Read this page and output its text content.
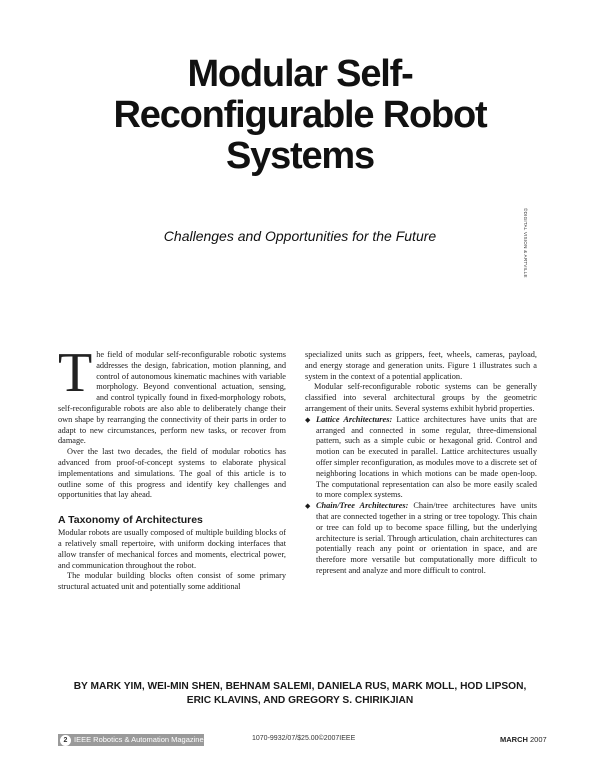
Modular Self-
Reconfigurable Robot
Systems
Challenges and Opportunities for the Future	©DIGITAL VISION & ARTVILLE

The field of modular self-reconfigurable robotic systems addresses the design, fabrication, motion planning, and control of autonomous kinematic machines with variable morphology. Beyond conventional actuation, sensing, and control typically found in fixed-morphology robots, self-reconfigurable robots are also able to deliberately change their own shape by rearranging the connectivity of their parts in order to adapt to new circumstances, perform new tasks, or recover from damage.

Over the last two decades, the field of modular robotics has advanced from proof-of-concept systems to elaborate physical implementations and simulations. The goal of this article is to outline some of this progress and identify key challenges and opportunities that lay ahead.

A Taxonomy of Architectures

Modular robots are usually composed of multiple building blocks of a relatively small repertoire, with uniform docking interfaces that allow transfer of mechanical forces and moments, electrical power, and communication throughout the robot.

The modular building blocks often consist of some primary structural actuated unit and potentially some additional

specialized units such as grippers, feet, wheels, cameras, payload, and energy storage and generation units. Figure 1 illustrates such a system in the context of a potential application.

Modular self-reconfigurable robotic systems can be generally classified into several architectural groups by the geometric arrangement of their units. Several systems exhibit hybrid properties.

◆ Lattice Architectures: Lattice architectures have units that are arranged and connected in some regular, three-dimensional pattern, such as a simple cubic or hexagonal grid. Control and motion can be executed in parallel. Lattice architectures usually offer simpler reconfiguration, as modules move to a discrete set of neighboring locations in which motions can be made open-loop. The computational representation can also be more easily scaled to more complex systems.

◆ Chain/Tree Architectures: Chain/tree architectures have units that are connected together in a string or tree topology. This chain or tree can fold up to become space filling, but the underlying architecture is serial. Through articulation, chain architectures can potentially reach any point or orientation in space, and are therefore more versatile but computationally more difficult to represent and analyze and more difficult to control.

BY MARK YIM, WEI-MIN SHEN, BEHNAM SALEMI, DANIELA RUS, MARK MOLL, HOD LIPSON,
ERIC KLAVINS, AND GREGORY S. CHIRIKJIAN
2 IEEE Robotics & Automation Magazine	1070-9932/07/$25.00©2007IEEE	MARCH 2007
